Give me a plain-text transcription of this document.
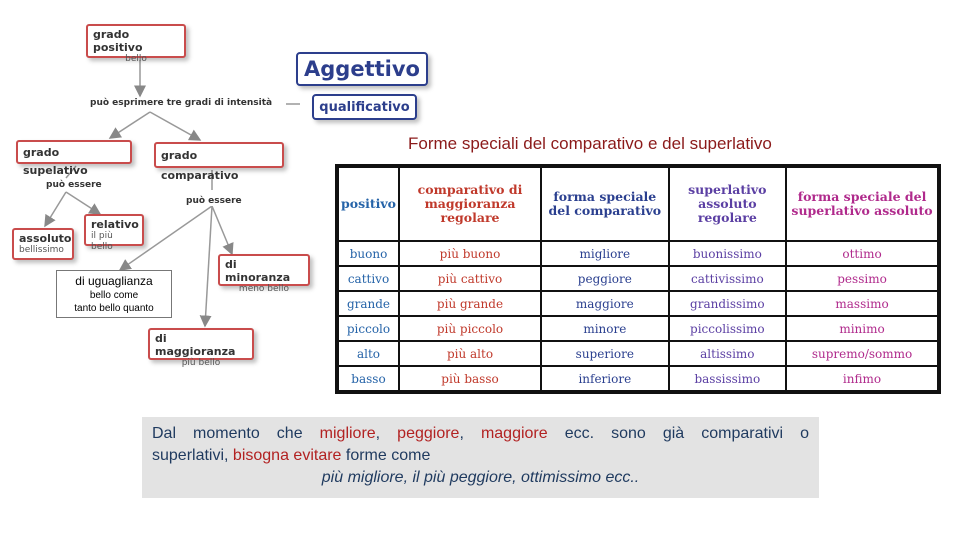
grado positivo
bello	Aggettivo
qualificativo
può esprimere tre gradi di intensità
grado supelativo
grado comparativo
può essere
può essere
relativo
il più bello
assoluto
bellissimo
di minoranza
meno bello
di uguaglianza
bello come
tanto bello quanto
di maggioranza
più bello
Forme speciali del comparativo e del superlativo
positivo	comparativo di maggioranza regolare	forma speciale del comparativo	superlativo assoluto regolare	forma speciale del superlativo assoluto
buono	più buono	migliore	buonissimo	ottimo
cattivo	più cattivo	peggiore	cattivissimo	pessimo
grande	più grande	maggiore	grandissimo	massimo
piccolo	più piccolo	minore	piccolissimo	minimo
alto	più alto	superiore	altissimo	supremo/sommo
basso	più basso	inferiore	bassissimo	infimo
Dal momento che migliore, peggiore, maggiore ecc. sono già comparativi o
superlativi, bisogna evitare forme come
più migliore, il più peggiore, ottimissimo ecc..
